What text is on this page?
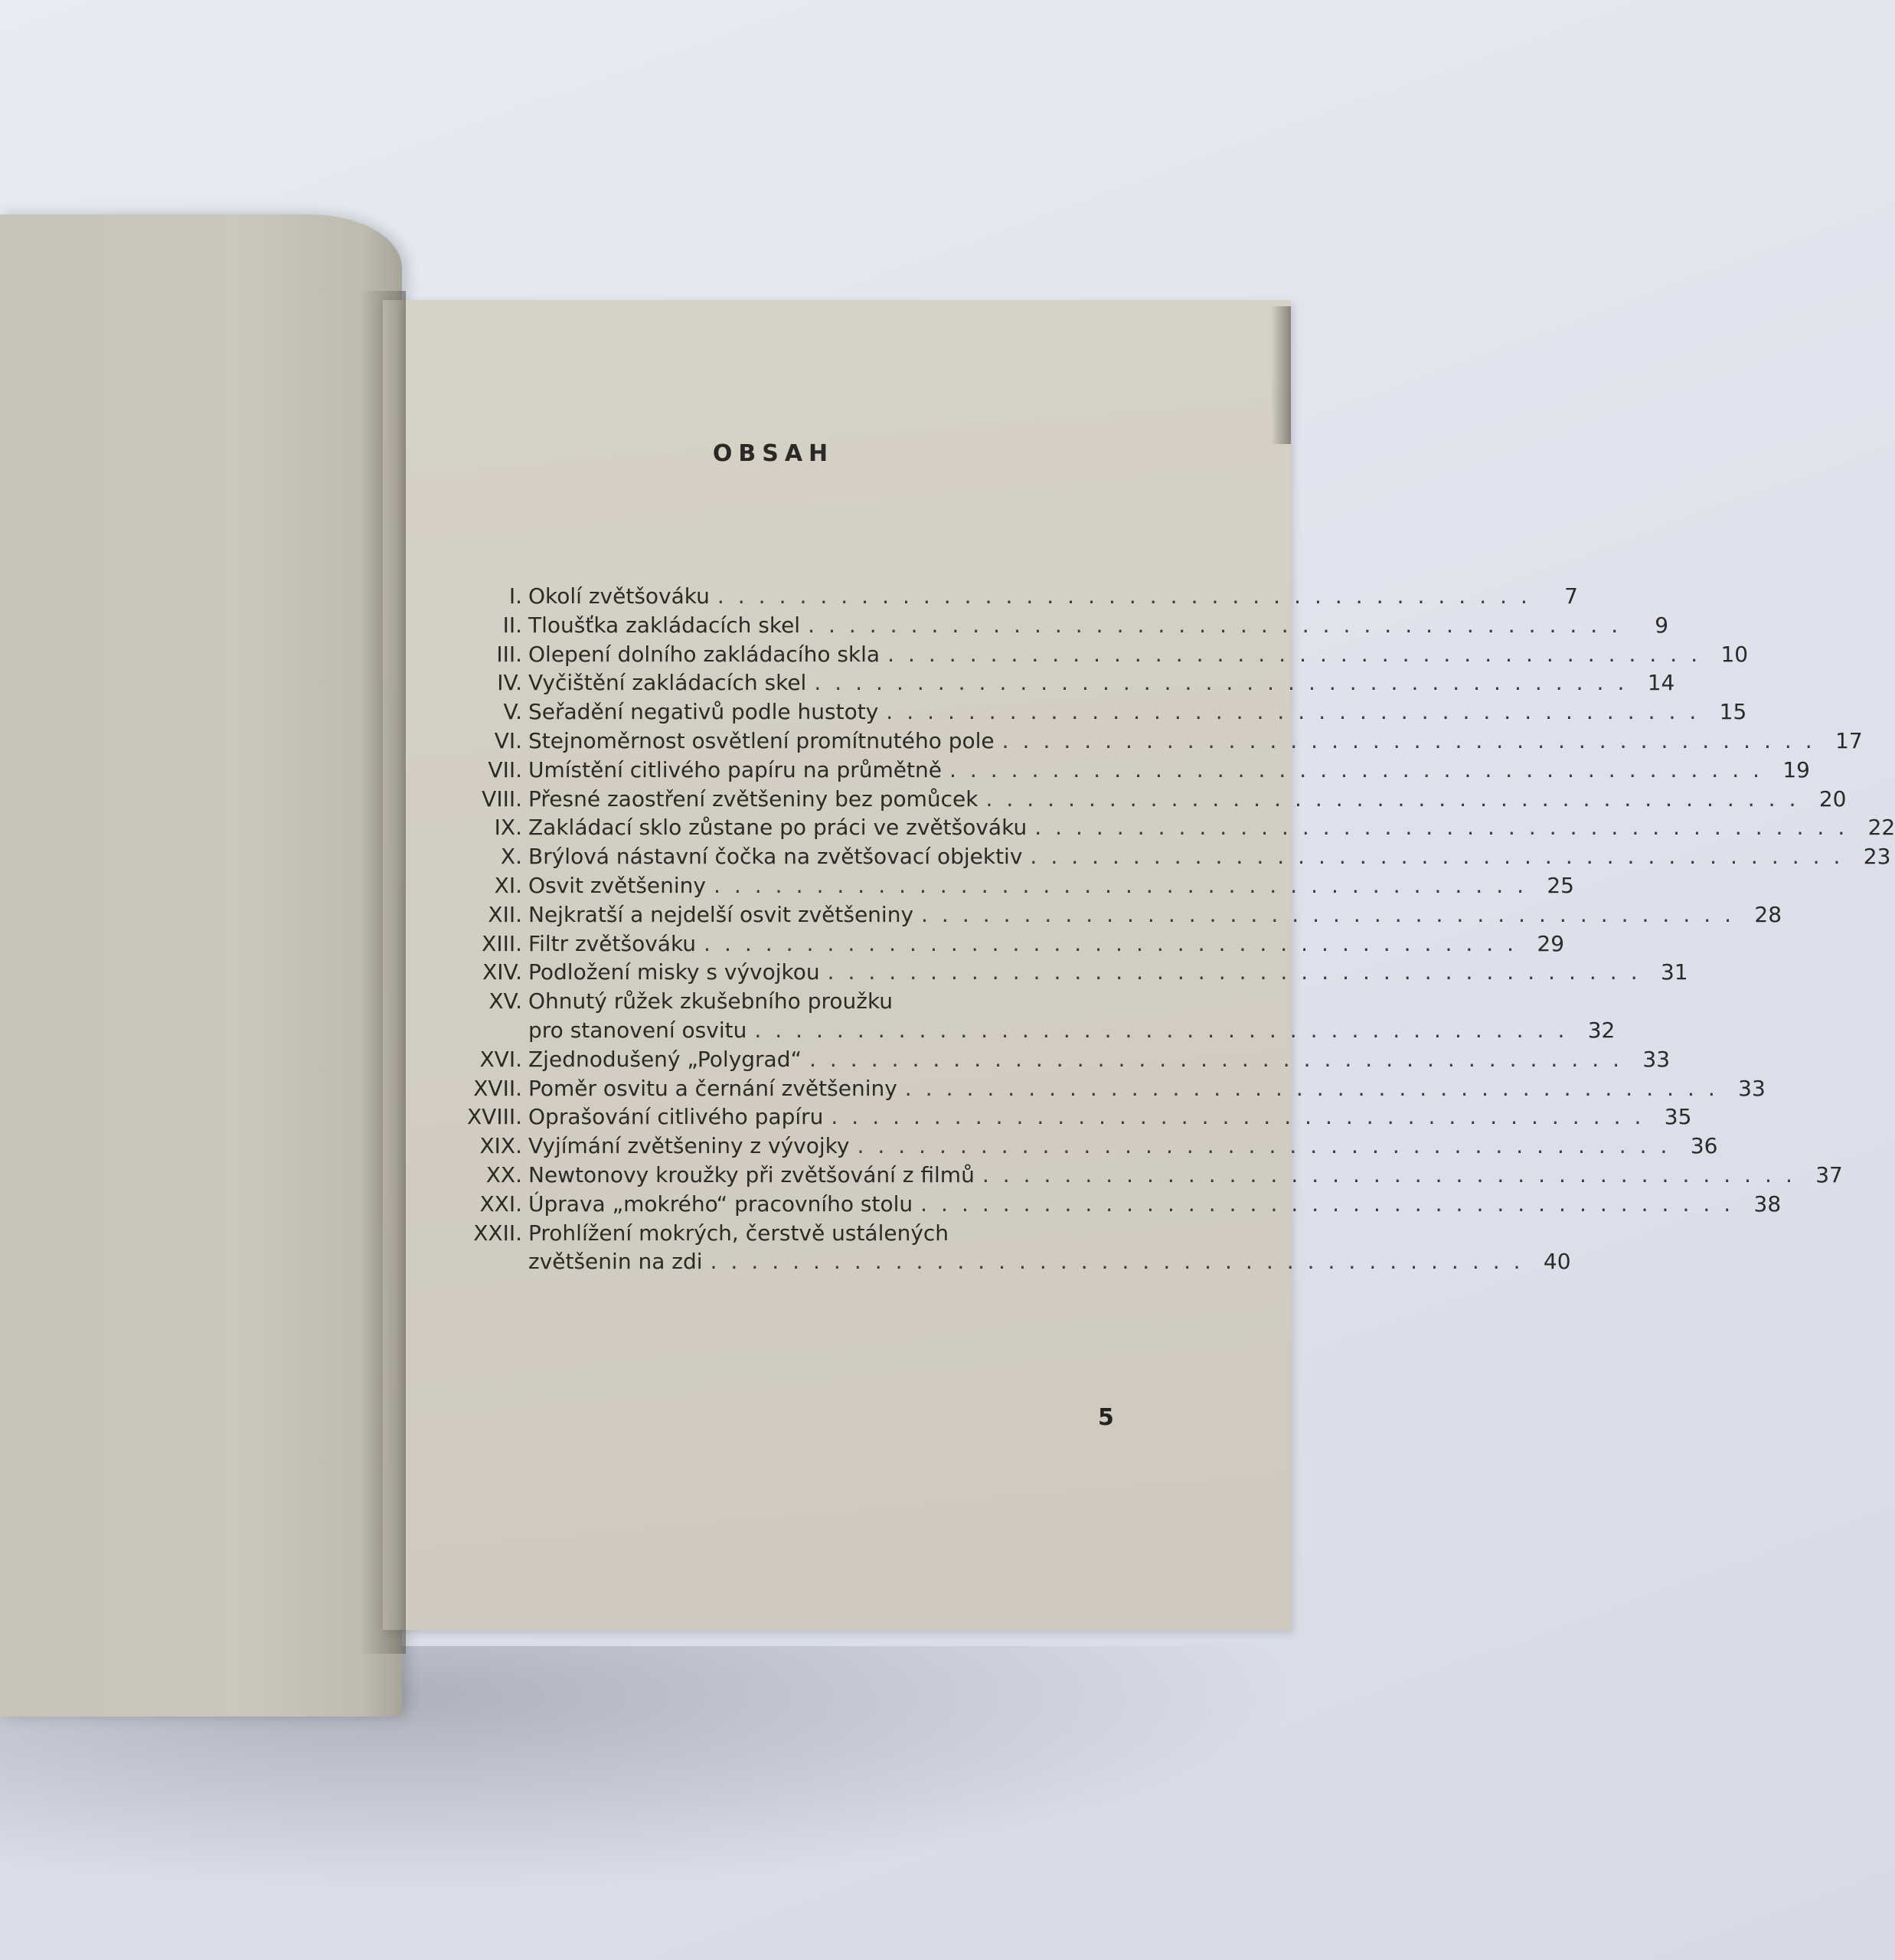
OBSAH
I. Okolí zvětšováku ........................................	7
II. Tloušťka zakládacích skel ........................................	9
III. Olepení dolního zakládacího skla ........................................ 10
IV. Vyčištění zakládacích skel ........................................ 14
V. Seřadění negativů podle hustoty ........................................ 15
VI. Stejnoměrnost osvětlení promítnutého pole ........................................ 17
VII. Umístění citlivého papíru na průmětně ........................................ 19
VIII. Přesné zaostření zvětšeniny bez pomůcek ........................................ 20
IX. Zakládací sklo zůstane po práci ve zvětšováku ........................................ 22
X. Brýlová nástavní čočka na zvětšovací objektiv ........................................ 23
XI. Osvit zvětšeniny ........................................ 25
XII. Nejkratší a nejdelší osvit zvětšeniny ........................................ 28
XIII. Filtr zvětšováku ........................................ 29
XIV. Podložení misky s vývojkou ........................................ 31
XV. Ohnutý růžek zkušebního proužku
pro stanovení osvitu ........................................ 32
XVI. Zjednodušený „Polygrad“ ........................................ 33
XVII. Poměr osvitu a černání zvětšeniny ........................................ 33
XVIII. Oprašování citlivého papíru ........................................ 35
XIX. Vyjímání zvětšeniny z vývojky ........................................ 36
XX. Newtonovy kroužky při zvětšování z filmů ........................................ 37
XXI. Úprava „mokrého“ pracovního stolu ........................................ 38
XXII. Prohlížení mokrých, čerstvě ustálených
zvětšenin na zdi ........................................ 40
5
